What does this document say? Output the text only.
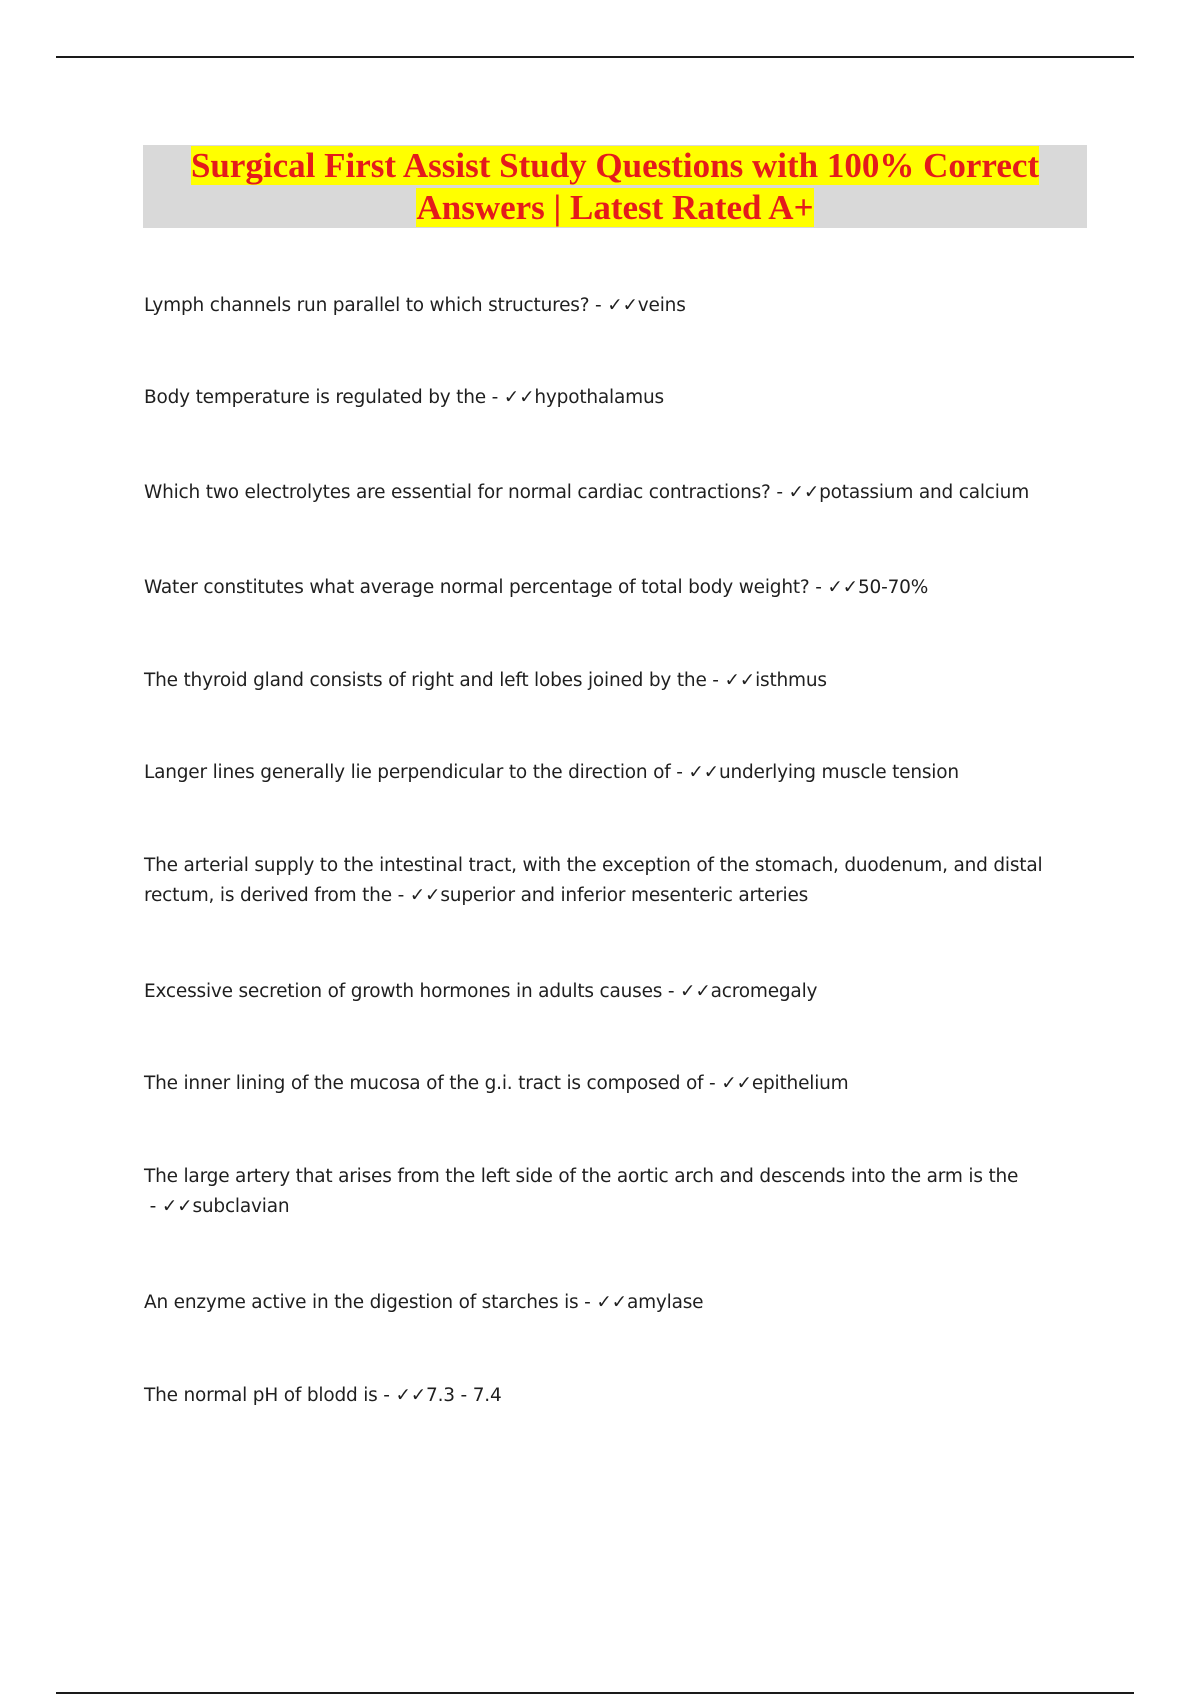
Surgical First Assist Study Questions with 100% Correct Answers | Latest Rated A+
Lymph channels run parallel to which structures? - ✓✓veins
Body temperature is regulated by the - ✓✓hypothalamus
Which two electrolytes are essential for normal cardiac contractions? - ✓✓potassium and calcium
Water constitutes what average normal percentage of total body weight? - ✓✓50-70%
The thyroid gland consists of right and left lobes joined by the - ✓✓isthmus
Langer lines generally lie perpendicular to the direction of - ✓✓underlying muscle tension
The arterial supply to the intestinal tract, with the exception of the stomach, duodenum, and distal rectum, is derived from the - ✓✓superior and inferior mesenteric arteries
Excessive secretion of growth hormones in adults causes - ✓✓acromegaly
The inner lining of the mucosa of the g.i. tract is composed of - ✓✓epithelium
The large artery that arises from the left side of the aortic arch and descends into the arm is the - ✓✓subclavian
An enzyme active in the digestion of starches is - ✓✓amylase
The normal pH of blodd is - ✓✓7.3 - 7.4
